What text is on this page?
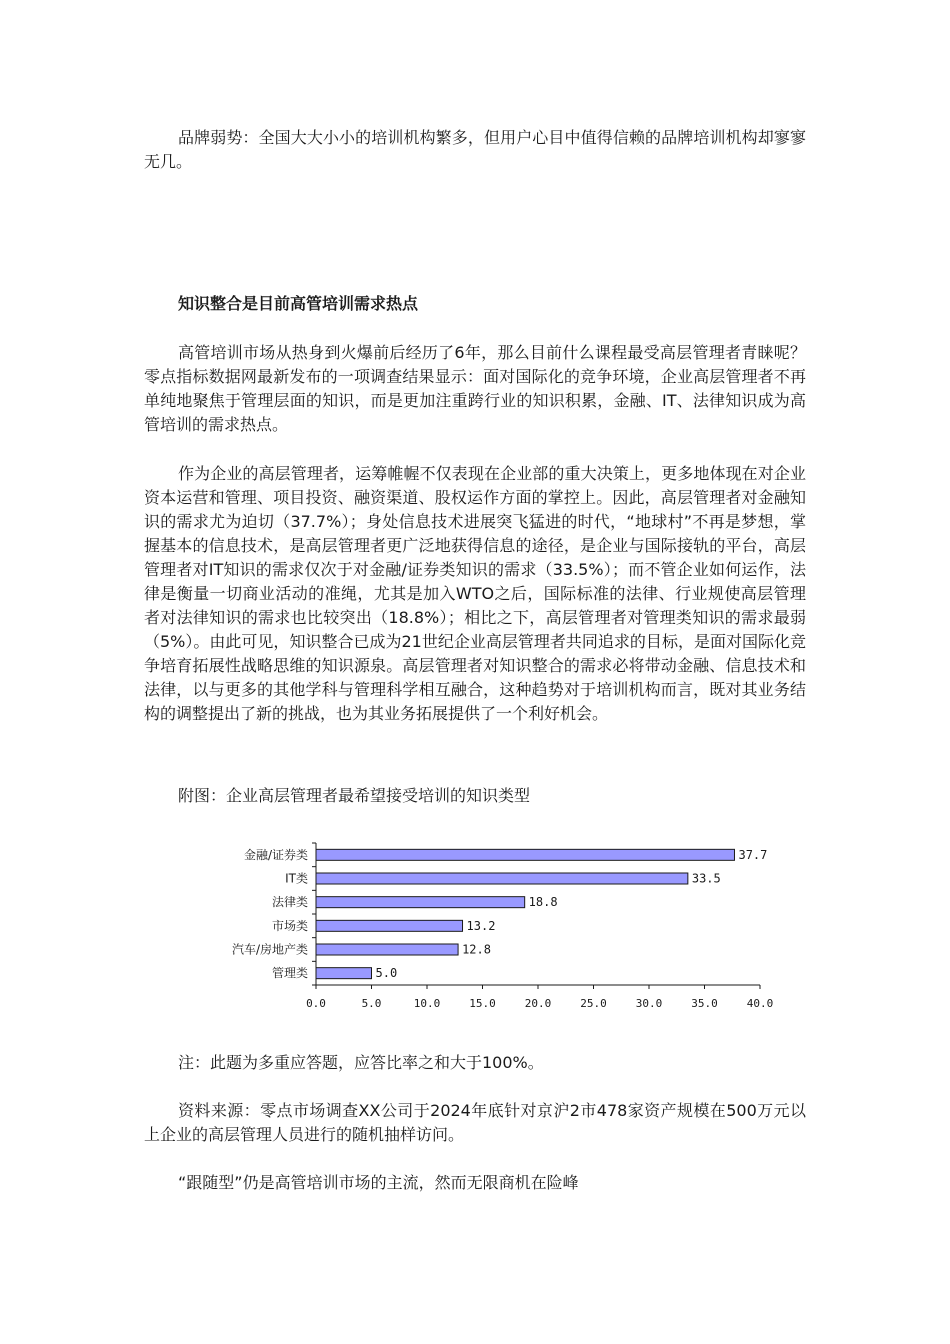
品牌弱势：全国大大小小的培训机构繁多，但用户心目中值得信赖的品牌培训机构却寥寥无几。

知识整合是目前高管培训需求热点

高管培训市场从热身到火爆前后经历了6年，那么目前什么课程最受高层管理者青睐呢？零点指标数据网最新发布的一项调查结果显示：面对国际化的竞争环境，企业高层管理者不再单纯地聚焦于管理层面的知识，而是更加注重跨行业的知识积累，金融、IT、法律知识成为高管培训的需求热点。

作为企业的高层管理者，运筹帷幄不仅表现在企业部的重大决策上，更多地体现在对企业资本运营和管理、项目投资、融资渠道、股权运作方面的掌控上。因此，高层管理者对金融知识的需求尤为迫切（37.7%）；身处信息技术进展突飞猛进的时代，“地球村”不再是梦想，掌握基本的信息技术，是高层管理者更广泛地获得信息的途径，是企业与国际接轨的平台，高层管理者对IT知识的需求仅次于对金融/证券类知识的需求（33.5%）；而不管企业如何运作，法律是衡量一切商业活动的准绳，尤其是加入WTO之后，国际标准的法律、行业规使高层管理者对法律知识的需求也比较突出（18.8%）；相比之下，高层管理者对管理类知识的需求最弱（5%）。由此可见，知识整合已成为21世纪企业高层管理者共同追求的目标，是面对国际化竞争培育拓展性战略思维的知识源泉。高层管理者对知识整合的需求必将带动金融、信息技术和法律，以与更多的其他学科与管理科学相互融合，这种趋势对于培训机构而言，既对其业务结构的调整提出了新的挑战，也为其业务拓展提供了一个利好机会。

附图：企业高层管理者最希望接受培训的知识类型

0.0	5.0	10.0	15.0	20.0	25.0	30.0	35.0	40.0
金融/证券类	37.7
IT类	33.5
法律类	18.8
市场类	13.2
汽车/房地产类	12.8
管理类	5.0

注：此题为多重应答题，应答比率之和大于100%。

资料来源：零点市场调查XX公司于2024年底针对京沪2市478家资产规模在500万元以上企业的高层管理人员进行的随机抽样访问。

“跟随型”仍是高管培训市场的主流，然而无限商机在险峰
